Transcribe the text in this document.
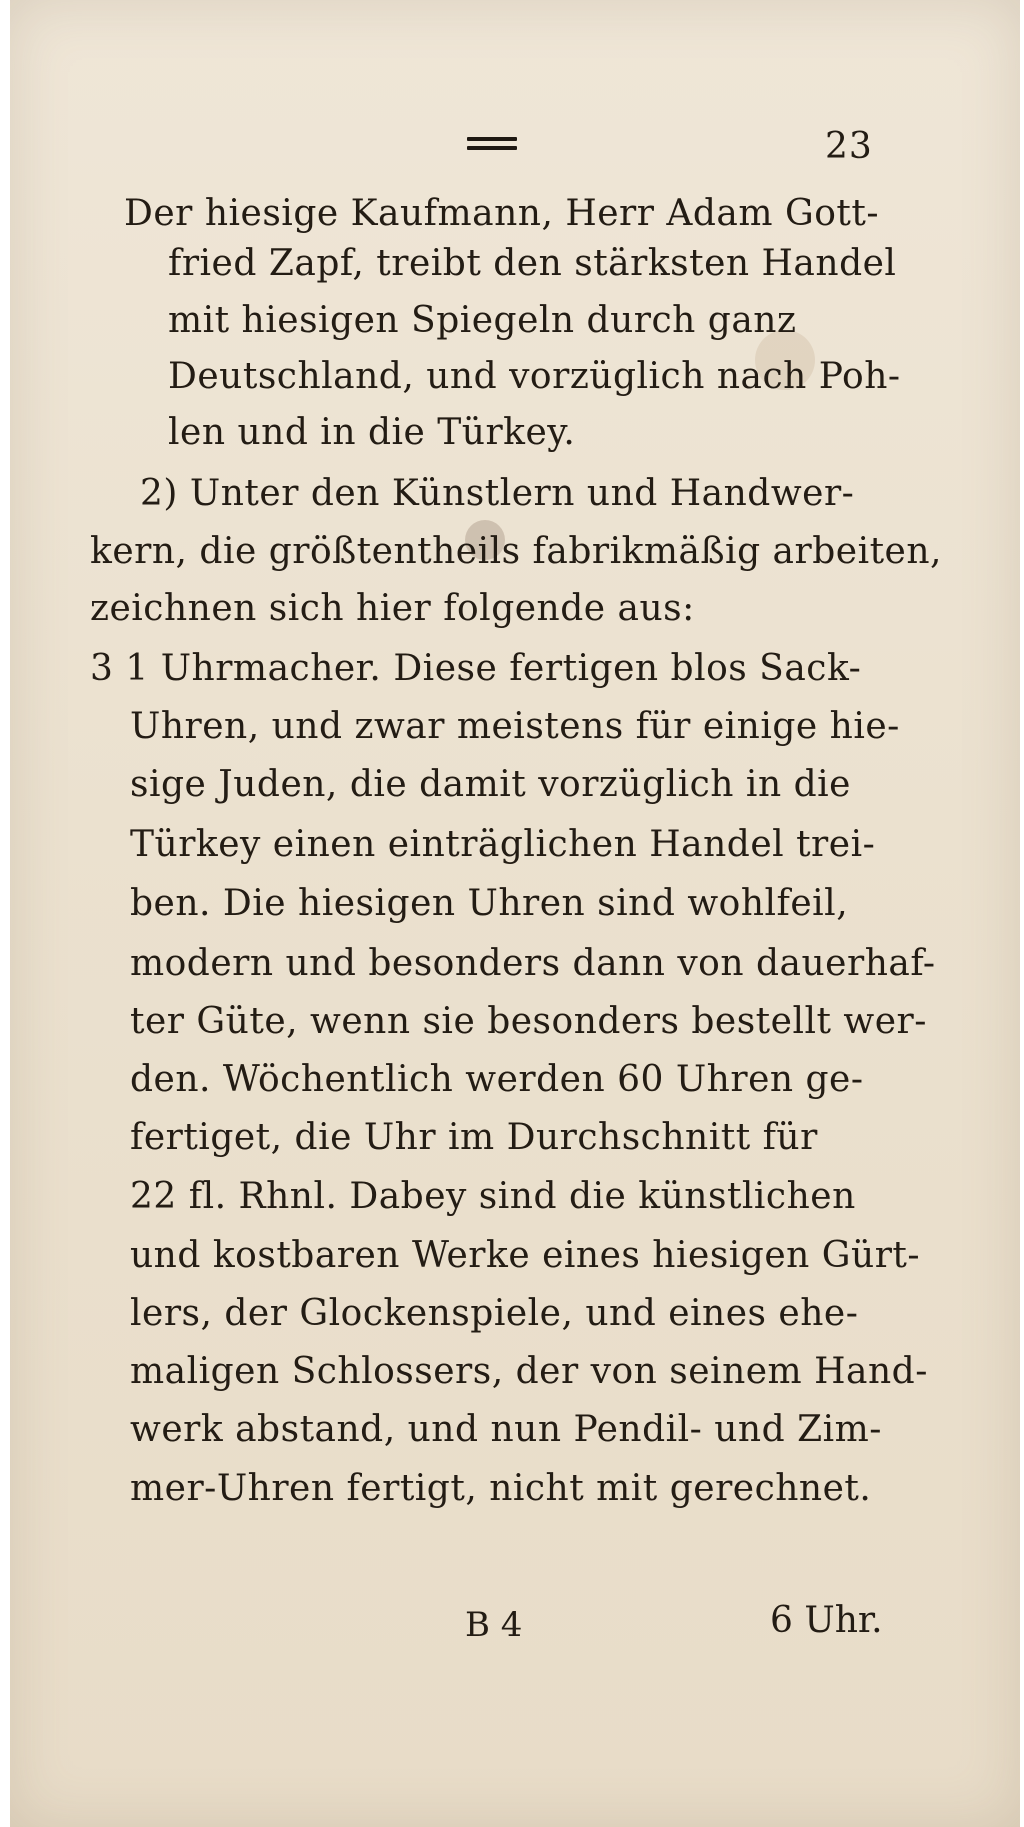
23
Der hiesige Kaufmann, Herr Adam Gott-
fried Zapf, treibt den stärksten Handel
mit hiesigen Spiegeln durch ganz
Deutschland, und vorzüglich nach Poh-
len und in die Türkey.
2) Unter den Künstlern und Handwer-
kern, die größtentheils fabrikmäßig arbeiten,
zeichnen sich hier folgende aus:
3 1 Uhrmacher. Diese fertigen blos Sack-
Uhren, und zwar meistens für einige hie-
sige Juden, die damit vorzüglich in die
Türkey einen einträglichen Handel trei-
ben. Die hiesigen Uhren sind wohlfeil,
modern und besonders dann von dauerhaf-
ter Güte, wenn sie besonders bestellt wer-
den. Wöchentlich werden 60 Uhren ge-
fertiget, die Uhr im Durchschnitt für
22 fl. Rhnl. Dabey sind die künstlichen
und kostbaren Werke eines hiesigen Gürt-
lers, der Glockenspiele, und eines ehe-
maligen Schlossers, der von seinem Hand-
werk abstand, und nun Pendil- und Zim-
mer-Uhren fertigt, nicht mit gerechnet.
B 4	6 Uhr.
